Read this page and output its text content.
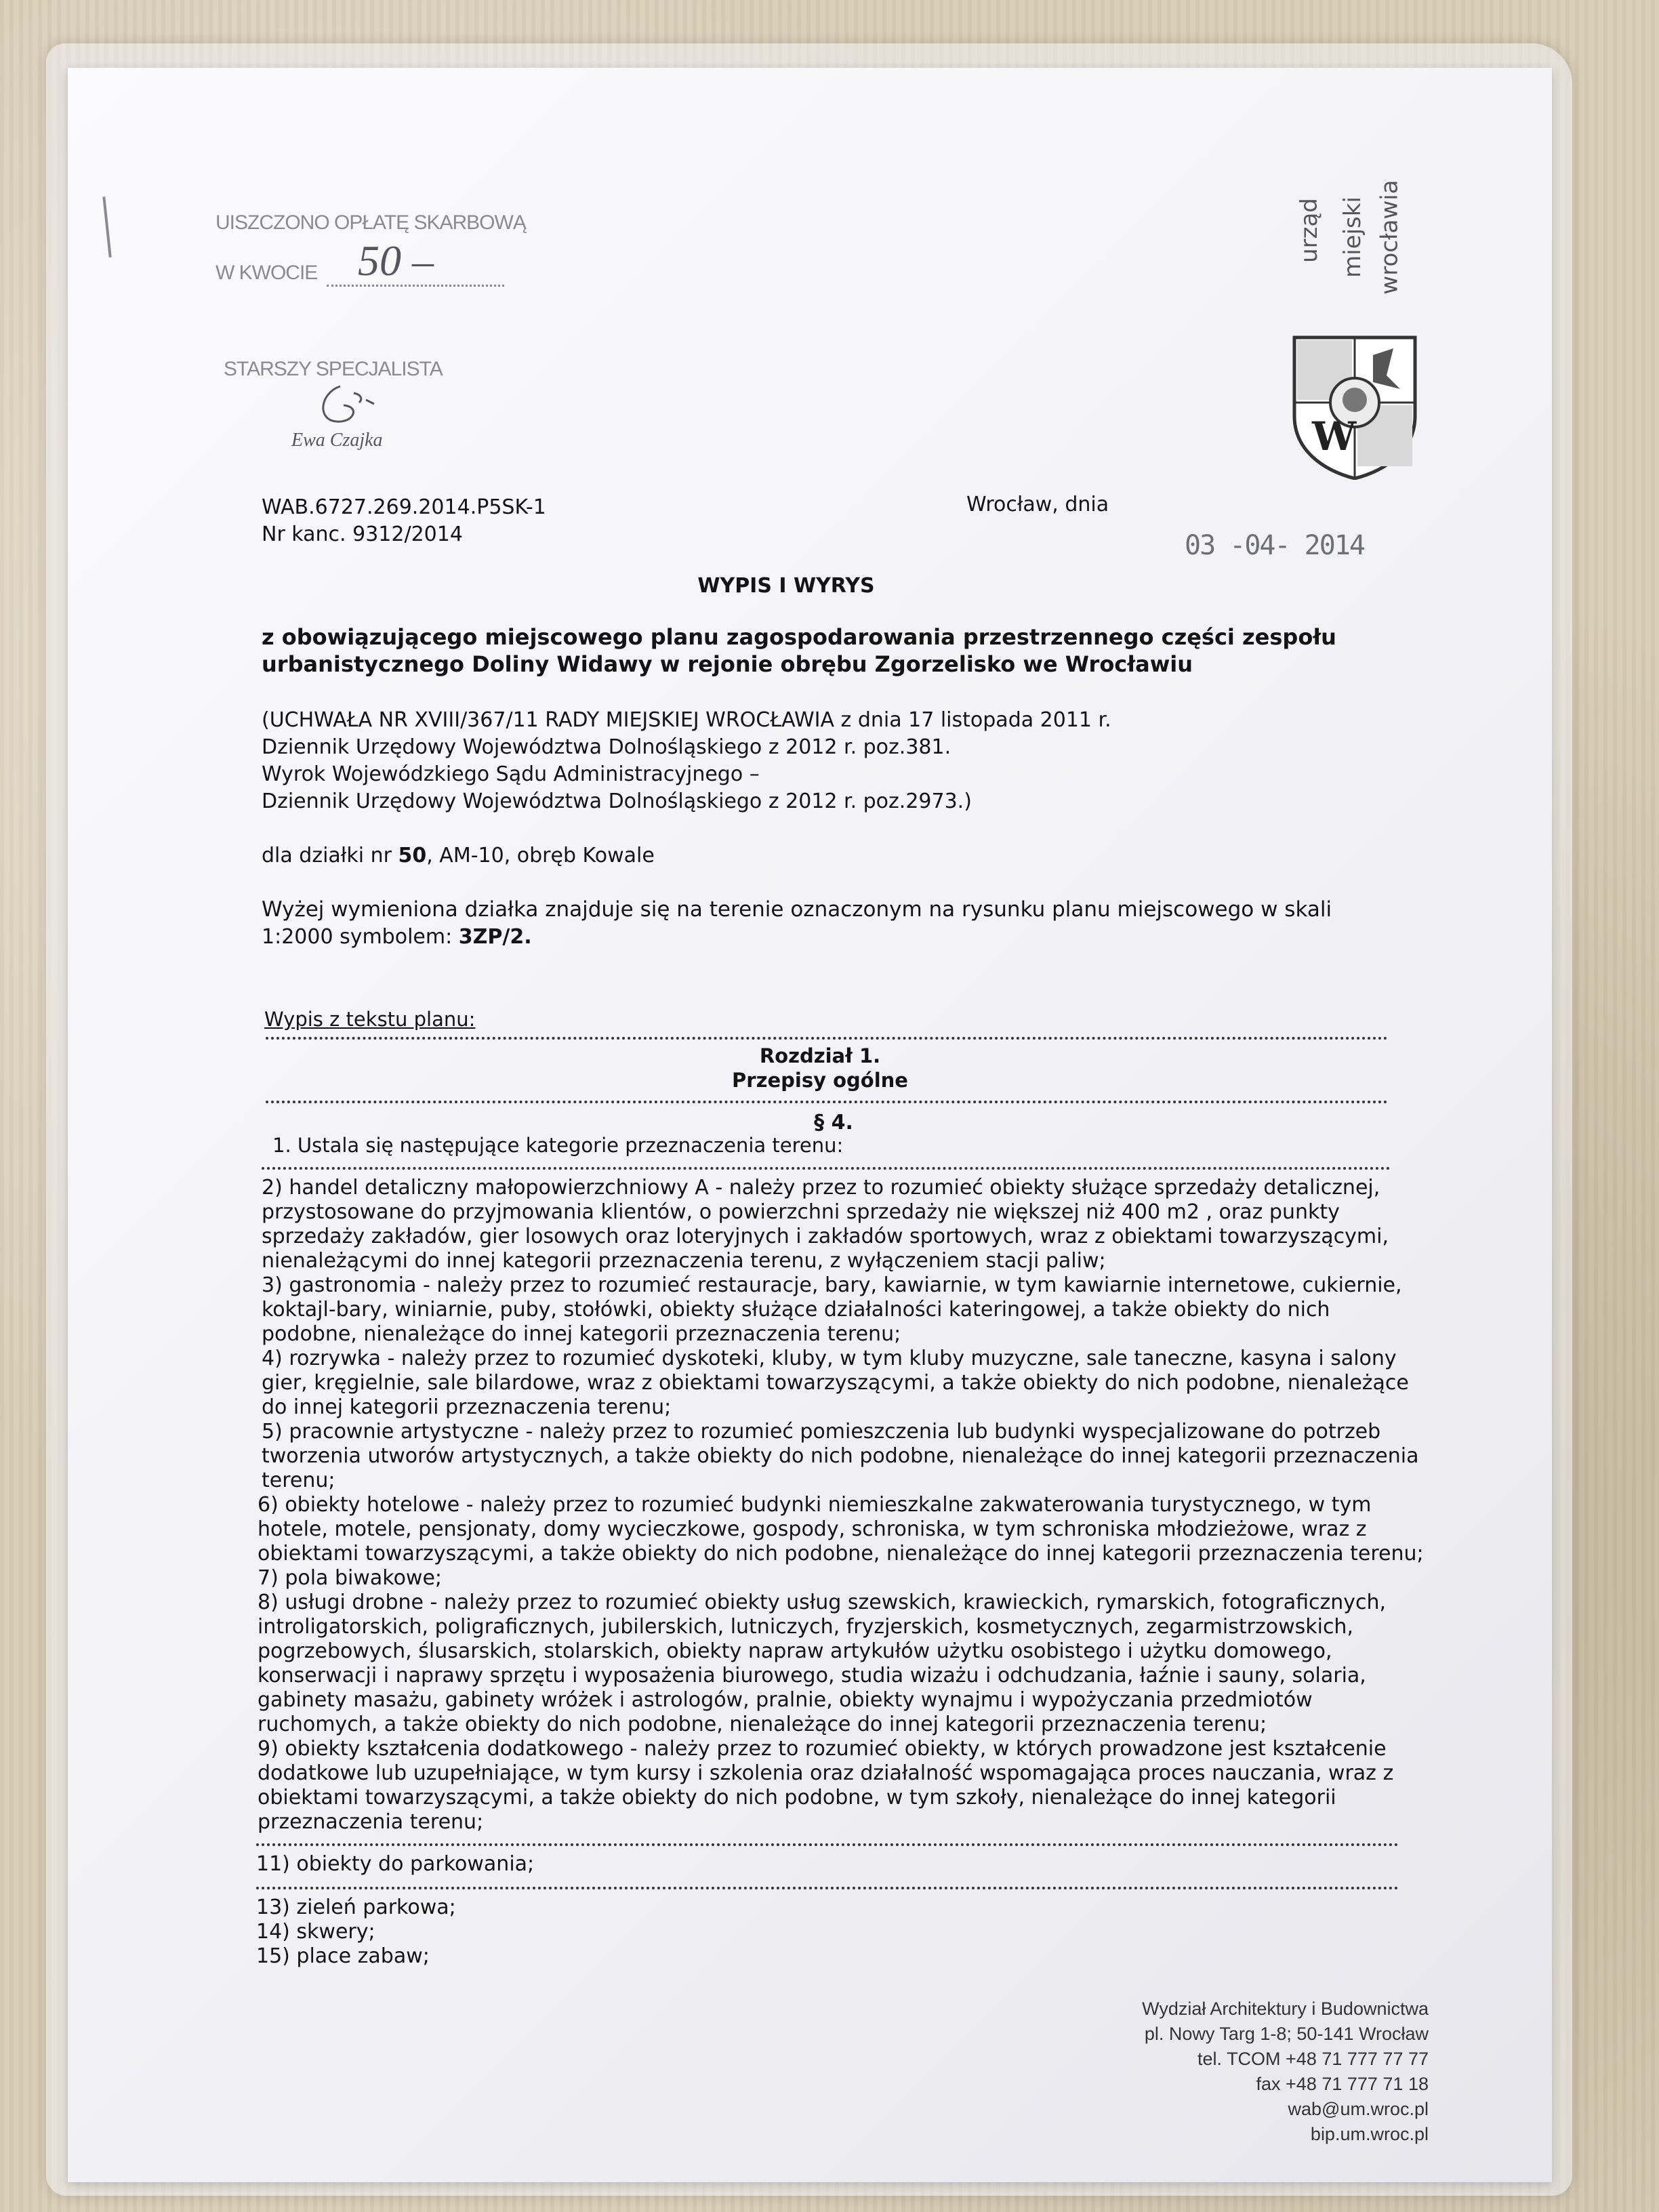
UISZCZONO OPŁATĘ SKARBOWĄ
W KWOCIE 50 –
STARSZY SPECJALISTA
Ewa Czajka
urząd miejski wrocławia
W
WAB.6727.269.2014.P5SK-1
Nr kanc. 9312/2014
Wrocław, dnia
03 -04- 2014
WYPIS I WYRYS
z obowiązującego miejscowego planu zagospodarowania przestrzennego części zespołu
urbanistycznego Doliny Widawy w rejonie obrębu Zgorzelisko we Wrocławiu
(UCHWAŁA NR XVIII/367/11 RADY MIEJSKIEJ WROCŁAWIA z dnia 17 listopada 2011 r.
Dziennik Urzędowy Województwa Dolnośląskiego z 2012 r. poz.381.
Wyrok Wojewódzkiego Sądu Administracyjnego –
Dziennik Urzędowy Województwa Dolnośląskiego z 2012 r. poz.2973.)
dla działki nr 50, AM-10, obręb Kowale
Wyżej wymieniona działka znajduje się na terenie oznaczonym na rysunku planu miejscowego w skali
1:2000 symbolem: 3ZP/2.
Wypis z tekstu planu:
Rozdział 1.
Przepisy ogólne
§ 4.
1. Ustala się następujące kategorie przeznaczenia terenu:
2) handel detaliczny małopowierzchniowy A - należy przez to rozumieć obiekty służące sprzedaży detalicznej,
przystosowane do przyjmowania klientów, o powierzchni sprzedaży nie większej niż 400 m2 , oraz punkty
sprzedaży zakładów, gier losowych oraz loteryjnych i zakładów sportowych, wraz z obiektami towarzyszącymi,
nienależącymi do innej kategorii przeznaczenia terenu, z wyłączeniem stacji paliw;
3) gastronomia - należy przez to rozumieć restauracje, bary, kawiarnie, w tym kawiarnie internetowe, cukiernie,
koktajl-bary, winiarnie, puby, stołówki, obiekty służące działalności kateringowej, a także obiekty do nich
podobne, nienależące do innej kategorii przeznaczenia terenu;
4) rozrywka - należy przez to rozumieć dyskoteki, kluby, w tym kluby muzyczne, sale taneczne, kasyna i salony
gier, kręgielnie, sale bilardowe, wraz z obiektami towarzyszącymi, a także obiekty do nich podobne, nienależące
do innej kategorii przeznaczenia terenu;
5) pracownie artystyczne - należy przez to rozumieć pomieszczenia lub budynki wyspecjalizowane do potrzeb
tworzenia utworów artystycznych, a także obiekty do nich podobne, nienależące do innej kategorii przeznaczenia
terenu;
6) obiekty hotelowe - należy przez to rozumieć budynki niemieszkalne zakwaterowania turystycznego, w tym
hotele, motele, pensjonaty, domy wycieczkowe, gospody, schroniska, w tym schroniska młodzieżowe, wraz z
obiektami towarzyszącymi, a także obiekty do nich podobne, nienależące do innej kategorii przeznaczenia terenu;
7) pola biwakowe;
8) usługi drobne - należy przez to rozumieć obiekty usług szewskich, krawieckich, rymarskich, fotograficznych,
introligatorskich, poligraficznych, jubilerskich, lutniczych, fryzjerskich, kosmetycznych, zegarmistrzowskich,
pogrzebowych, ślusarskich, stolarskich, obiekty napraw artykułów użytku osobistego i użytku domowego,
konserwacji i naprawy sprzętu i wyposażenia biurowego, studia wizażu i odchudzania, łaźnie i sauny, solaria,
gabinety masażu, gabinety wróżek i astrologów, pralnie, obiekty wynajmu i wypożyczania przedmiotów
ruchomych, a także obiekty do nich podobne, nienależące do innej kategorii przeznaczenia terenu;
9) obiekty kształcenia dodatkowego - należy przez to rozumieć obiekty, w których prowadzone jest kształcenie
dodatkowe lub uzupełniające, w tym kursy i szkolenia oraz działalność wspomagająca proces nauczania, wraz z
obiektami towarzyszącymi, a także obiekty do nich podobne, w tym szkoły, nienależące do innej kategorii
przeznaczenia terenu;
11) obiekty do parkowania;
13) zieleń parkowa;
14) skwery;
15) place zabaw;
Wydział Architektury i Budownictwa
pl. Nowy Targ 1-8; 50-141 Wrocław
tel. TCOM +48 71 777 77 77
fax +48 71 777 71 18
wab@um.wroc.pl
bip.um.wroc.pl
